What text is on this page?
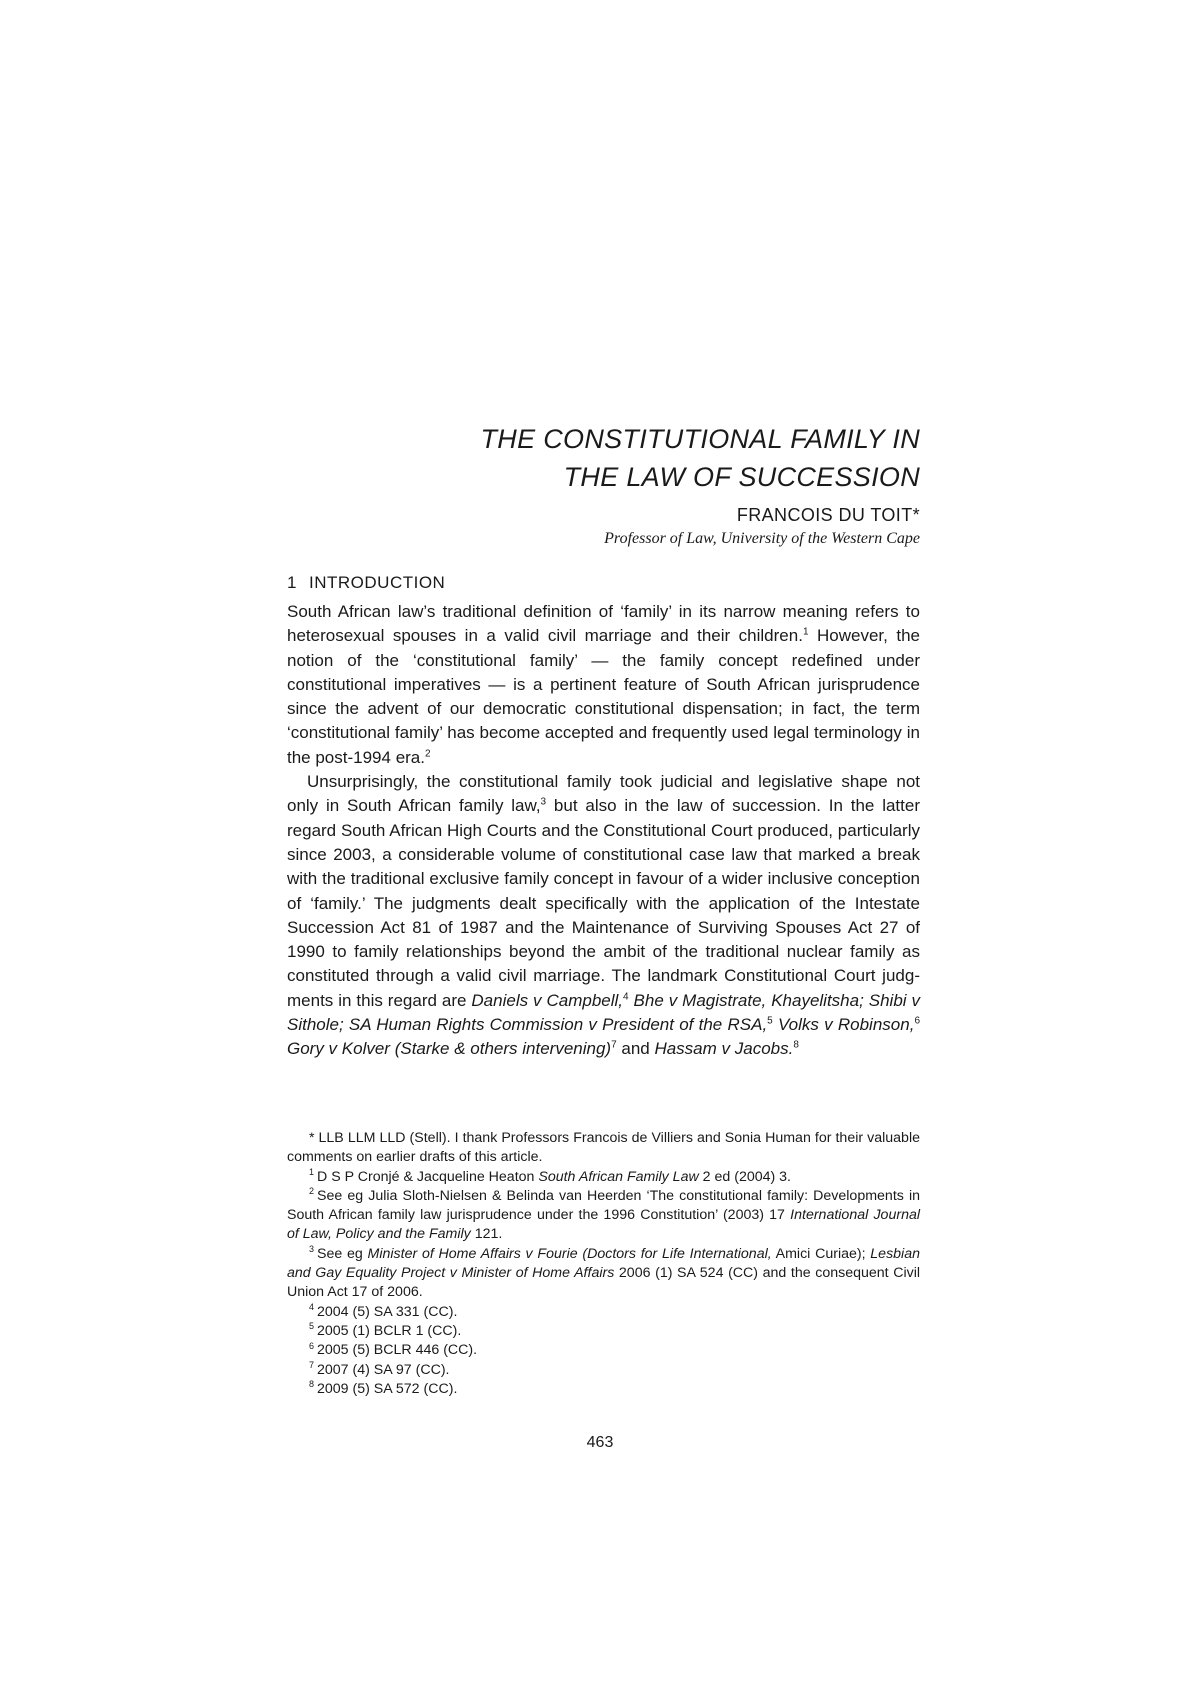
THE CONSTITUTIONAL FAMILY IN
THE LAW OF SUCCESSION
FRANCOIS DU TOIT*
Professor of Law, University of the Western Cape
1 INTRODUCTION

South African law’s traditional definition of ‘family’ in its narrow meaning refers to heterosexual spouses in a valid civil marriage and their children.$^1$ However, the notion of the ‘constitutional family’ — the family concept redefined under constitutional imperatives — is a pertinent feature of South African jurisprudence since the advent of our democratic constitutional dispensation; in fact, the term ‘constitutional family’ has become accepted and frequently used legal terminology in the post-1994 era.$^2$

Unsurprisingly, the constitutional family took judicial and legislative shape not only in South African family law,$^3$ but also in the law of succession. In the latter regard South African High Courts and the Constitutional Court produced, particularly since 2003, a considerable volume of constitutional case law that marked a break with the traditional exclusive family concept in favour of a wider inclusive conception of ‘family.’ The judgments dealt specifically with the application of the Intestate Succession Act 81 of 1987 and the Maintenance of Surviving Spouses Act 27 of 1990 to family relationships beyond the ambit of the traditional nuclear family as constituted through a valid civil marriage. The landmark Constitutional Court judgments in this regard are Daniels v Campbell,$^4$ Bhe v Magistrate, Khayelitsha; Shibi v Sithole; SA Human Rights Commission v President of the RSA,$^5$ Volks v Robinson,$^6$ Gory v Kolver (Starke & others intervening)$^7$ and Hassam v Jacobs.$^8$

* LLB LLM LLD (Stell). I thank Professors Francois de Villiers and Sonia Human for their valuable comments on earlier drafts of this article.

$^1$ D S P Cronjé & Jacqueline Heaton South African Family Law 2 ed (2004) 3.

$^2$ See eg Julia Sloth-Nielsen & Belinda van Heerden ‘The constitutional family: Developments in South African family law jurisprudence under the 1996 Constitution’ (2003) 17 International Journal of Law, Policy and the Family 121.

$^3$ See eg Minister of Home Affairs v Fourie (Doctors for Life International, Amici Curiae); Lesbian and Gay Equality Project v Minister of Home Affairs 2006 (1) SA 524 (CC) and the consequent Civil Union Act 17 of 2006.

$^4$ 2004 (5) SA 331 (CC).

$^5$ 2005 (1) BCLR 1 (CC).

$^6$ 2005 (5) BCLR 446 (CC).

$^7$ 2007 (4) SA 97 (CC).

$^8$ 2009 (5) SA 572 (CC).

463
